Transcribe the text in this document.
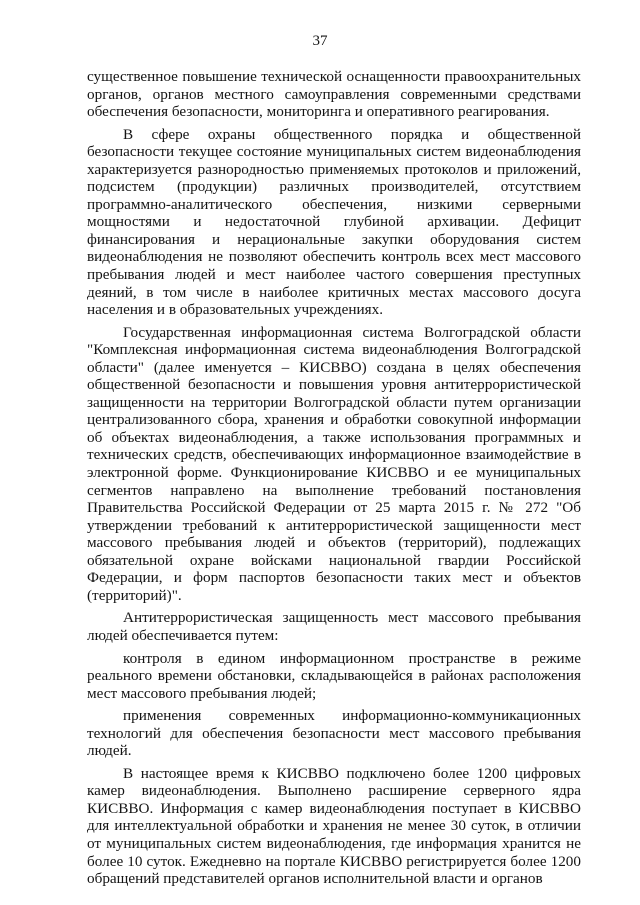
37

существенное повышение технической оснащенности правоохранительных органов, органов местного самоуправления современными средствами обеспечения безопасности, мониторинга и оперативного реагирования.

В сфере охраны общественного порядка и общественной безопасности текущее состояние муниципальных систем видеонаблюдения характеризуется разнородностью применяемых протоколов и приложений, подсистем (продукции) различных производителей, отсутствием программно-аналитического обеспечения, низкими серверными мощностями и недостаточной глубиной архивации. Дефицит финансирования и нерациональные закупки оборудования систем видеонаблюдения не позволяют обеспечить контроль всех мест массового пребывания людей и мест наиболее частого совершения преступных деяний, в том числе в наиболее критичных местах массового досуга населения и в образовательных учреждениях.

Государственная информационная система Волгоградской области "Комплексная информационная система видеонаблюдения Волгоградской области" (далее именуется – КИСВВО) создана в целях обеспечения общественной безопасности и повышения уровня антитеррористической защищенности на территории Волгоградской области путем организации централизованного сбора, хранения и обработки совокупной информации об объектах видеонаблюдения, а также использования программных и технических средств, обеспечивающих информационное взаимодействие в электронной форме. Функционирование КИСВВО и ее муниципальных сегментов направлено на выполнение требований постановления Правительства Российской Федерации от 25 марта 2015 г. № 272 "Об утверждении требований к антитеррористической защищенности мест массового пребывания людей и объектов (территорий), подлежащих обязательной охране войсками национальной гвардии Российской Федерации, и форм паспортов безопасности таких мест и объектов (территорий)".

Антитеррористическая защищенность мест массового пребывания людей обеспечивается путем:

контроля в едином информационном пространстве в режиме реального времени обстановки, складывающейся в районах расположения мест массового пребывания людей;

применения современных информационно-коммуникационных технологий для обеспечения безопасности мест массового пребывания людей.

В настоящее время к КИСВВО подключено более 1200 цифровых камер видеонаблюдения. Выполнено расширение серверного ядра КИСВВО. Информация с камер видеонаблюдения поступает в КИСВВО для интеллектуальной обработки и хранения не менее 30 суток, в отличии от муниципальных систем видеонаблюдения, где информация хранится не более 10 суток. Ежедневно на портале КИСВВО регистрируется более 1200 обращений представителей органов исполнительной власти и органов
